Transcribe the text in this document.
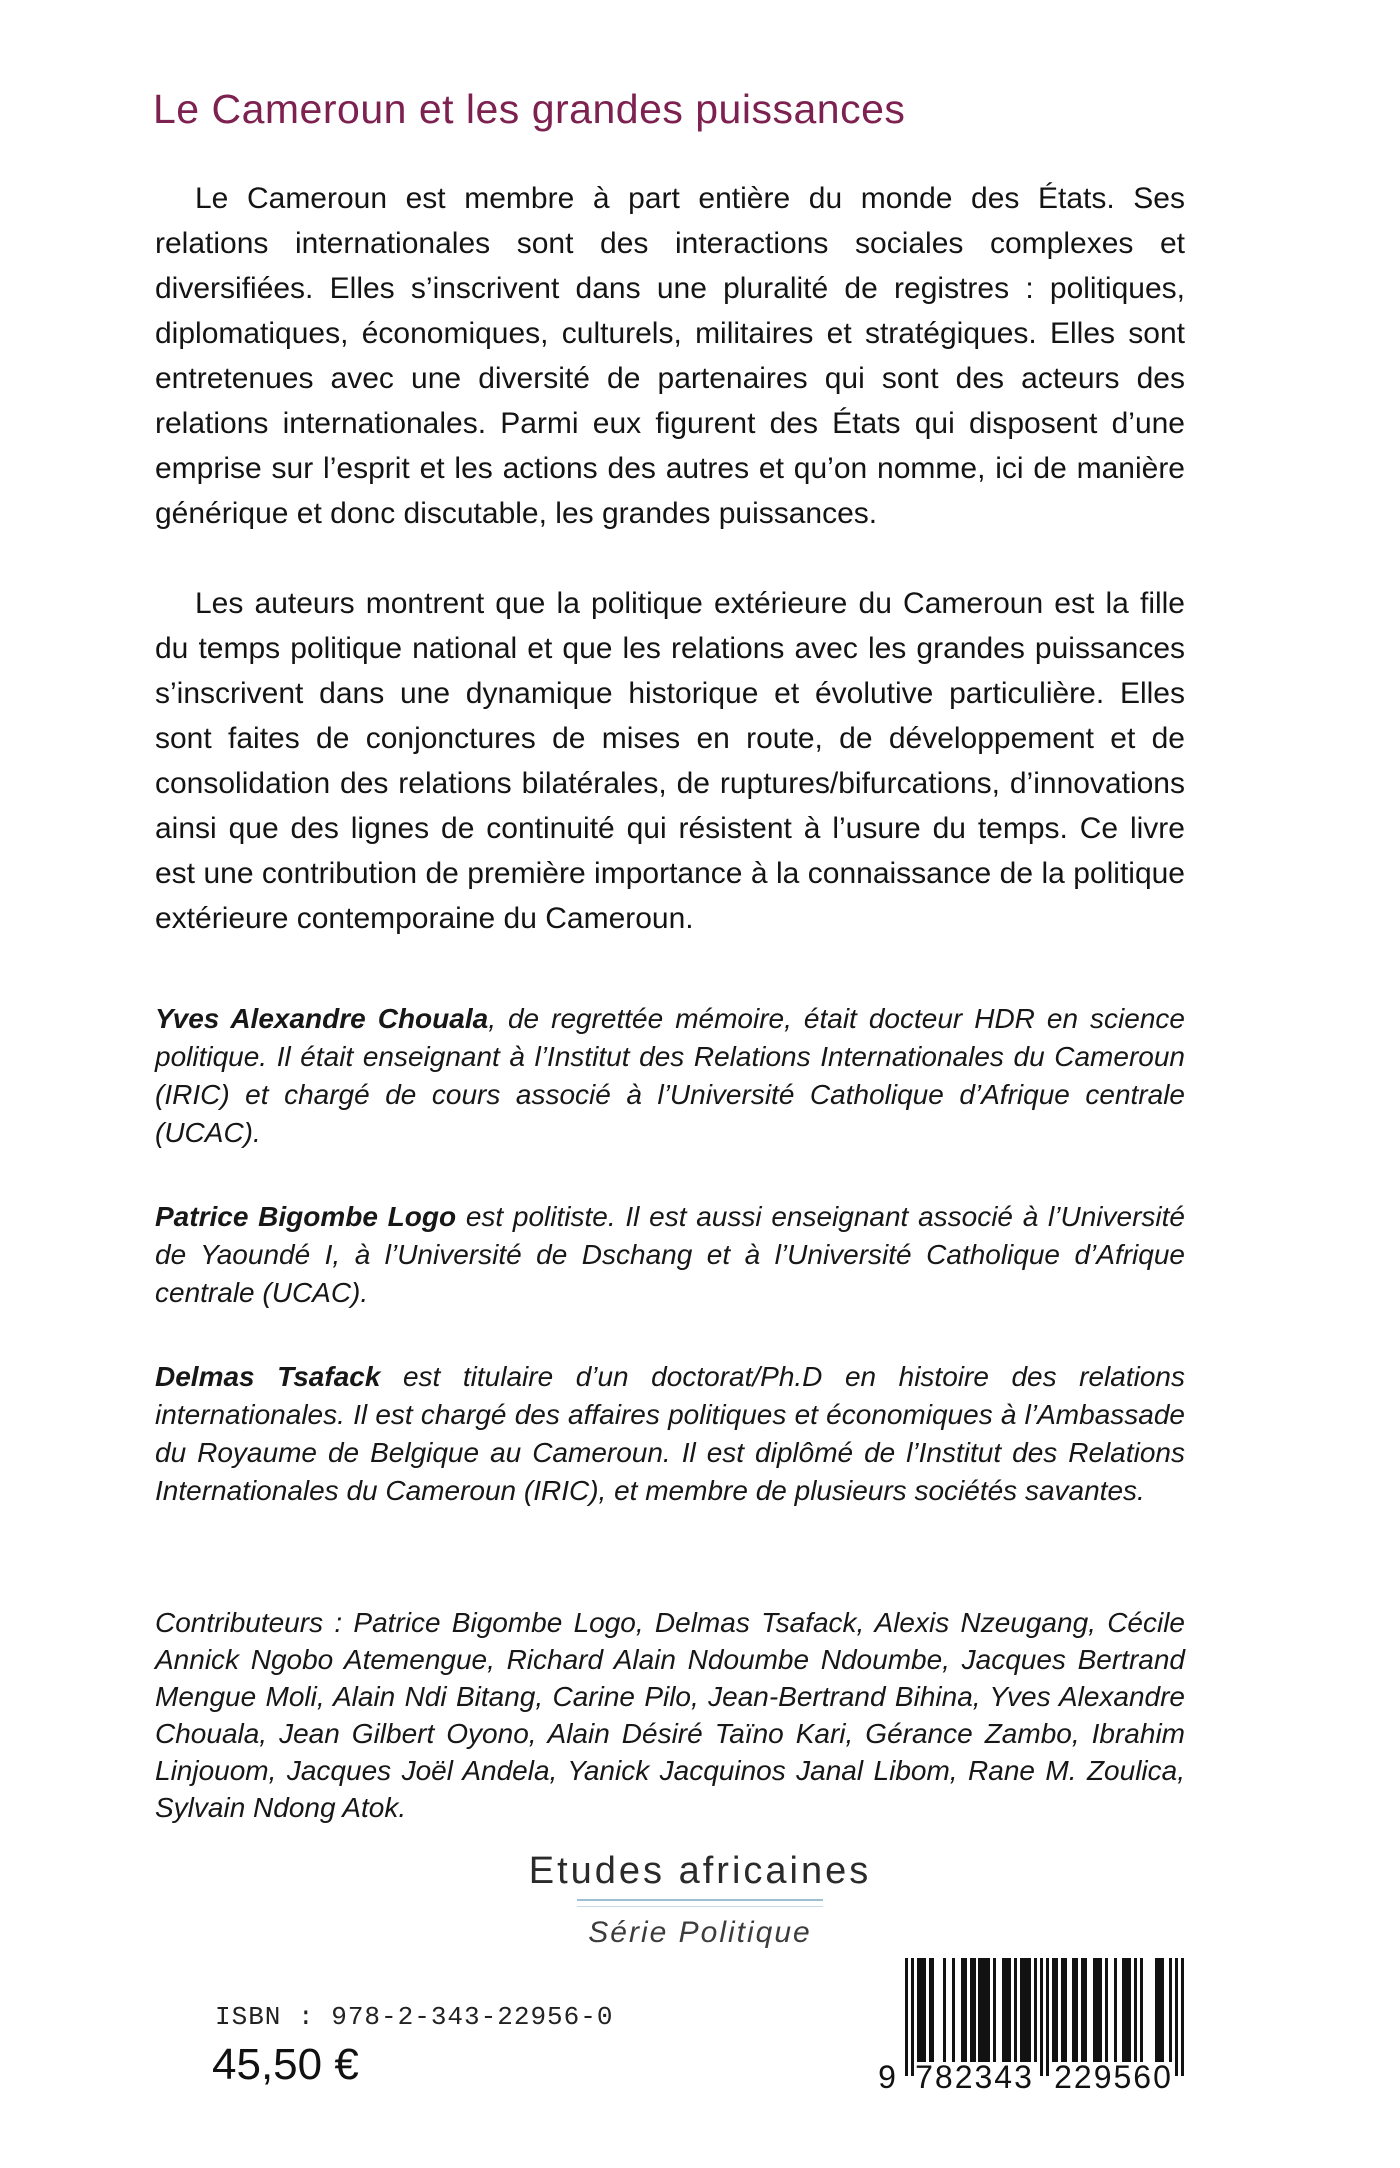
Le Cameroun et les grandes puissances

Le Cameroun est membre à part entière du monde des États. Ses relations internationales sont des interactions sociales complexes et diversifiées. Elles s’inscrivent dans une pluralité de registres : politiques, diplomatiques, économiques, culturels, militaires et stratégiques. Elles sont entretenues avec une diversité de partenaires qui sont des acteurs des relations internationales. Parmi eux figurent des États qui disposent d’une emprise sur l’esprit et les actions des autres et qu’on nomme, ici de manière générique et donc discutable, les grandes puissances.

Les auteurs montrent que la politique extérieure du Cameroun est la fille du temps politique national et que les relations avec les grandes puissances s’inscrivent dans une dynamique historique et évolutive particulière. Elles sont faites de conjonctures de mises en route, de développement et de consolidation des relations bilatérales, de ruptures/bifurcations, d’innovations ainsi que des lignes de continuité qui résistent à l’usure du temps. Ce livre est une contribution de première importance à la connaissance de la politique extérieure contemporaine du Cameroun.

Yves Alexandre Chouala, de regrettée mémoire, était docteur HDR en science politique. Il était enseignant à l’Institut des Relations Internationales du Cameroun (IRIC) et chargé de cours associé à l’Université Catholique d’Afrique centrale (UCAC).

Patrice Bigombe Logo est politiste. Il est aussi enseignant associé à l’Université de Yaoundé I, à l’Université de Dschang et à l’Université Catholique d’Afrique centrale (UCAC).

Delmas Tsafack est titulaire d’un doctorat/Ph.D en histoire des relations internationales. Il est chargé des affaires politiques et économiques à l’Ambassade du Royaume de Belgique au Cameroun. Il est diplômé de l’Institut des Relations Internationales du Cameroun (IRIC), et membre de plusieurs sociétés savantes.

Contributeurs : Patrice Bigombe Logo, Delmas Tsafack, Alexis Nzeugang, Cécile Annick Ngobo Atemengue, Richard Alain Ndoumbe Ndoumbe, Jacques Bertrand Mengue Moli, Alain Ndi Bitang, Carine Pilo, Jean-Bertrand Bihina, Yves Alexandre Chouala, Jean Gilbert Oyono, Alain Désiré Taïno Kari, Gérance Zambo, Ibrahim Linjouom, Jacques Joël Andela, Yanick Jacquinos Janal Libom, Rane M. Zoulica, Sylvain Ndong Atok.

Etudes africaines
Série Politique
ISBN : 978-2-343-22956-0
45,50 €	9 782343 229560
